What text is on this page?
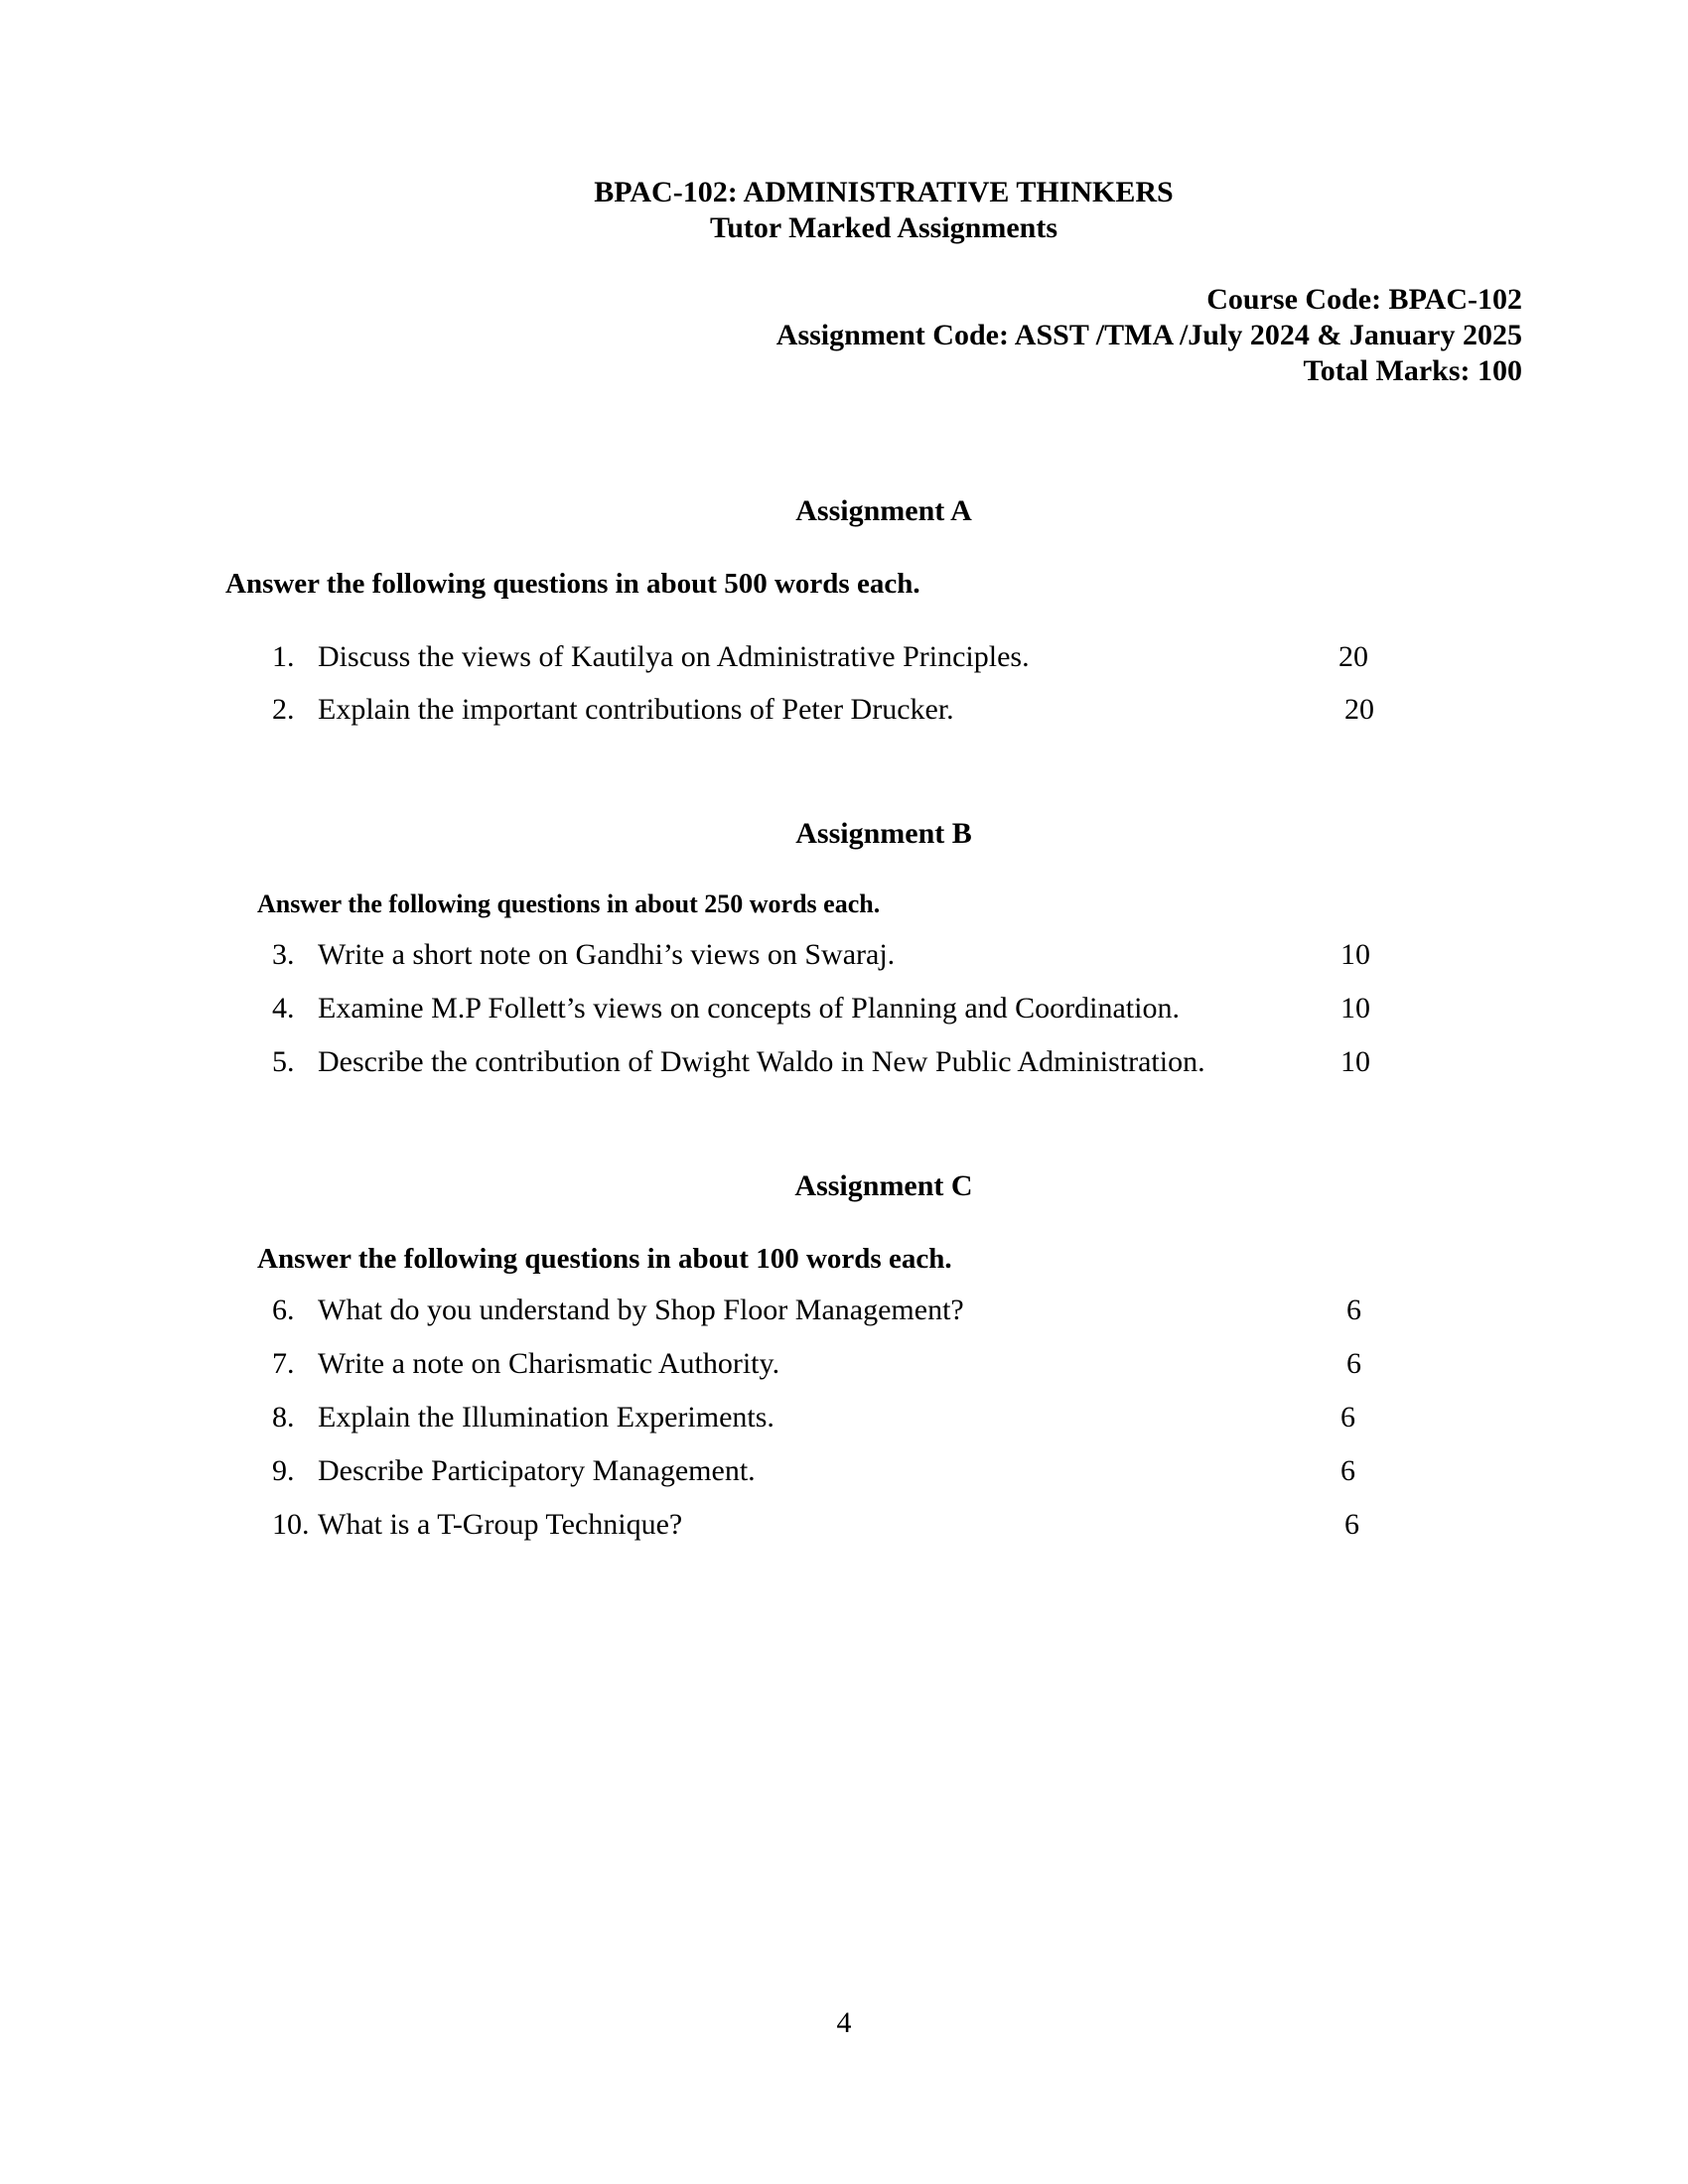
BPAC-102: ADMINISTRATIVE THINKERS
Tutor Marked Assignments
Course Code: BPAC-102
Assignment Code: ASST /TMA /July 2024 & January 2025
Total Marks: 100
Assignment A
Answer the following questions in about 500 words each.
1. Discuss the views of Kautilya on Administrative Principles.	20
2. Explain the important contributions of Peter Drucker.	20
Assignment B
Answer the following questions in about 250 words each.
3. Write a short note on Gandhi’s views on Swaraj.	10
4. Examine M.P Follett’s views on concepts of Planning and Coordination.	10
5. Describe the contribution of Dwight Waldo in New Public Administration.	10
Assignment C
Answer the following questions in about 100 words each.
6. What do you understand by Shop Floor Management?	6
7. Write a note on Charismatic Authority.	6
8. Explain the Illumination Experiments.	6
9. Describe Participatory Management.	6
10. What is a T-Group Technique?	6
4
